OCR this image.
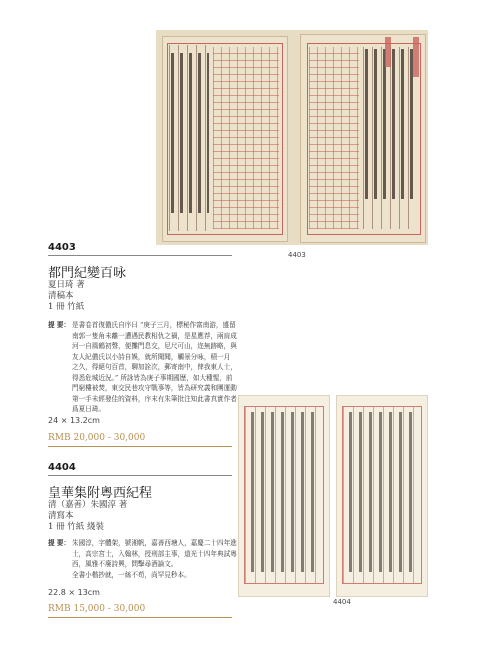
4403
4403
都門紀變百咏
夏日琦 著
清稿本
1 冊 竹紙
提 要： 是書卷首復儂氏自序曰 “庚子三月，標秘作富南游，盛留
南郭一隻角未離一遭遇民教相仇之禍，是星應荐，兩肩成
河一自風鶴初聲，便攤門息交，尼尺可山，迩無跡略，與
友人紀儂氏以小詩自娛，就所聞聞，觸景分咏，積一月
之久，得絕句百首，聊加詮次，郵寄南中，俾我東人士，
得悉危城近況。” 所詠皆為庚子事期國歴，如大種惺，前
門窮樓被焚，東交民巷攻守戰事等，皆為研究義和團運動
第一手未經發佳的資料，序末有朱筆批注知此書真實作者
爲夏日琦。
24 × 13.2cm
RMB 20,000 - 30,000
4404
皇華集附粵西紀程
清（嘉善）朱國淳 著
清寫本
1 冊 竹紙 綫裝
提 要： 朱國淳，字體架，號湘帆，嘉善西塘人，嘉慶二十四年進
士，高宗宮士，入翰林，授刑部主事，道光十四年典試粵
西，風雅不廢詩興，問擊尋酒論文。
全書小楷抄就，一絲不苟，尚罕見秒本。
22.8 × 13cm
RMB 15,000 - 30,000
4404
